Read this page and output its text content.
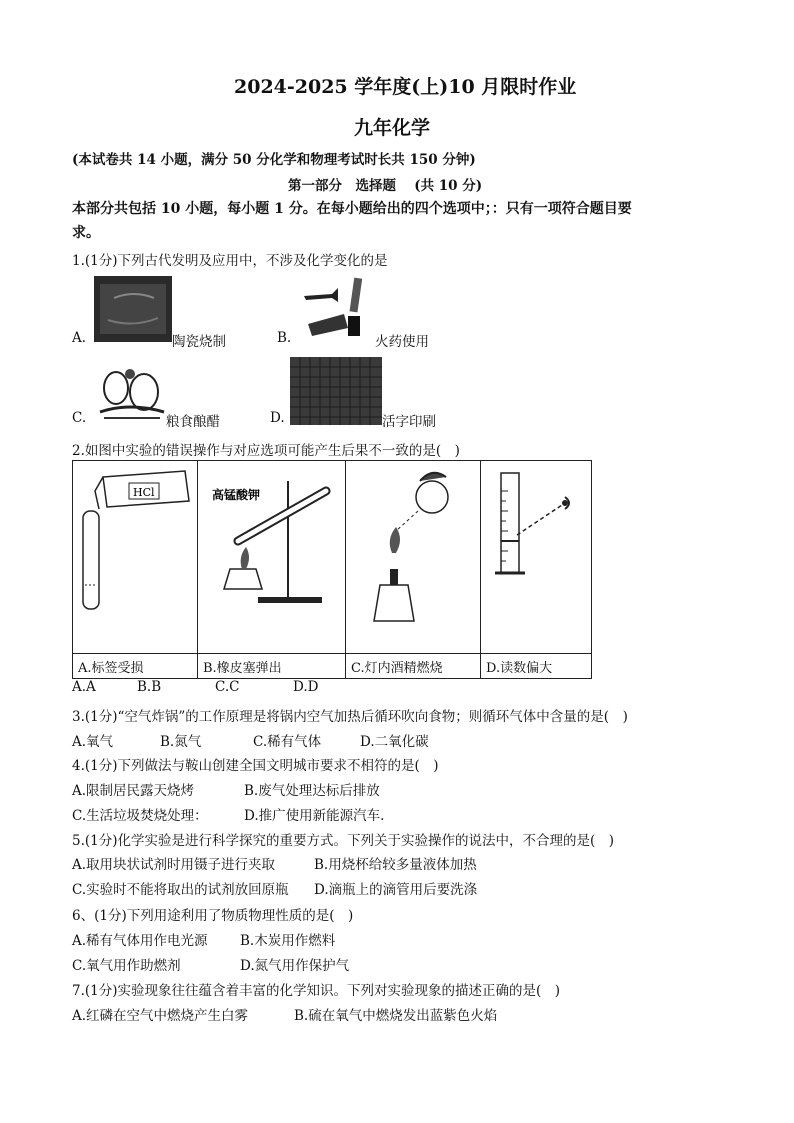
2024-2025 学年度(上)10 月限时作业
九年化学
(本试卷共 14 小题，满分 50 分化学和物理考试时长共 150 分钟)
第一部分　选择题　 (共 10 分)
本部分共包括 10 小题，每小题 1 分。在每小题给出的四个选项中；：只有一项符合题目要
求。
1.(1分)下列古代发明及应用中，不涉及化学变化的是
A.	陶瓷烧制	B.	火药使用
C.	粮食酿醋	D.	活字印刷
2.如图中实验的错误操作与对应选项可能产生后果不一致的是(　)
HCl	高锰酸钾

A.标签受损	B.橡皮塞弹出	C.灯内酒精燃烧	D.读数偏大
A.A	B.B	C.C	D.D
3.(1分)“空气炸锅”的工作原理是将锅内空气加热后循环吹向食物；则循环气体中含量的是(　)
A.氧气	B.氮气	C.稀有气体	D.二氧化碳
4.(1分)下列做法与鞍山创建全国文明城市要求不相符的是(　)
A.限制居民露天烧烤	B.废气处理达标后排放
C.生活垃圾焚烧处理：	D.推广使用新能源汽车.
5.(1分)化学实验是进行科学探究的重要方式。下列关于实验操作的说法中，不合理的是(　)
A.取用块状试剂时用镊子进行夹取	B.用烧杯给较多量液体加热
C.实验时不能将取出的试剂放回原瓶 D.滴瓶上的滴管用后要洗涤
6、(1分)下列用途利用了物质物理性质的是(　)
A.稀有气体用作电光源 B.木炭用作燃料
C.氧气用作助燃剂	D.氮气用作保护气
7.(1分)实验现象往往蕴含着丰富的化学知识。下列对实验现象的描述正确的是(　)
A.红磷在空气中燃烧产生白雾	B.硫在氧气中燃烧发出蓝紫色火焰
